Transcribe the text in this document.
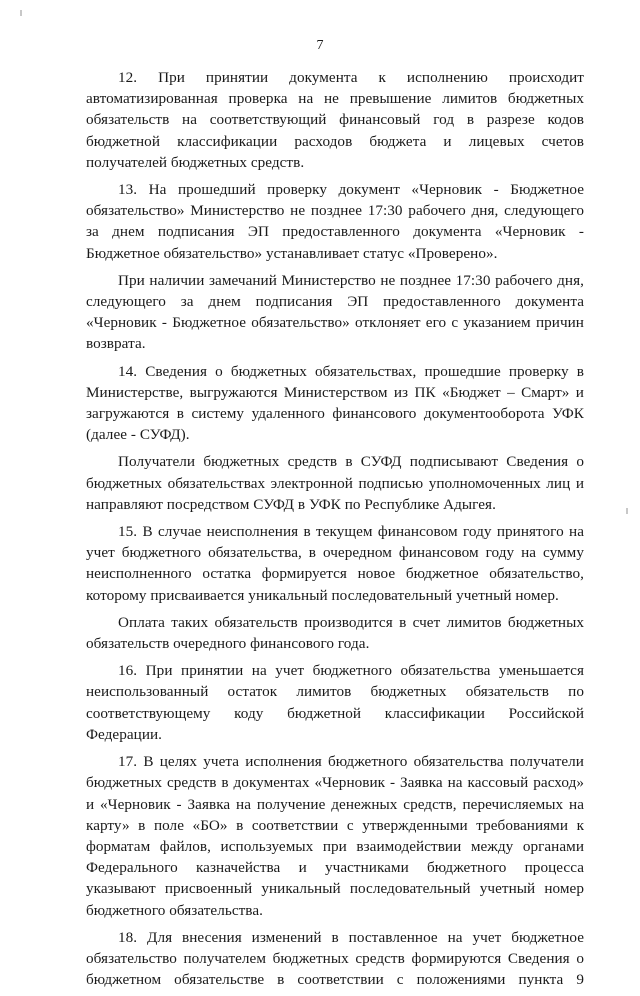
7

12. При принятии документа к исполнению происходит автоматизированная проверка на не превышение лимитов бюджетных обязательств на соответствующий финансовый год в разрезе кодов бюджетной классификации расходов бюджета и лицевых счетов получателей бюджетных средств.

13. На прошедший проверку документ «Черновик - Бюджетное обязательство» Министерство не позднее 17:30 рабочего дня, следующего за днем подписания ЭП предоставленного документа «Черновик - Бюджетное обязательство» устанавливает статус «Проверено».

При наличии замечаний Министерство не позднее 17:30 рабочего дня, следующего за днем подписания ЭП предоставленного документа «Черновик - Бюджетное обязательство» отклоняет его с указанием причин возврата.

14. Сведения о бюджетных обязательствах, прошедшие проверку в Министерстве, выгружаются Министерством из ПК «Бюджет – Смарт» и загружаются в систему удаленного финансового документооборота УФК (далее - СУФД).

Получатели бюджетных средств в СУФД подписывают Сведения о бюджетных обязательствах электронной подписью уполномоченных лиц и направляют посредством СУФД в УФК по Республике Адыгея.

15. В случае неисполнения в текущем финансовом году принятого на учет бюджетного обязательства, в очередном финансовом году на сумму неисполненного остатка формируется новое бюджетное обязательство, которому присваивается уникальный последовательный учетный номер.

Оплата таких обязательств производится в счет лимитов бюджетных обязательств очередного финансового года.

16. При принятии на учет бюджетного обязательства уменьшается неиспользованный остаток лимитов бюджетных обязательств по соответствующему коду бюджетной классификации Российской Федерации.

17. В целях учета исполнения бюджетного обязательства получатели бюджетных средств в документах «Черновик - Заявка на кассовый расход» и «Черновик - Заявка на получение денежных средств, перечисляемых на карту» в поле «БО» в соответствии с утвержденными требованиями к форматам файлов, используемых при взаимодействии между органами Федерального казначейства и участниками бюджетного процесса указывают присвоенный уникальный последовательный учетный номер бюджетного обязательства.

18. Для внесения изменений в поставленное на учет бюджетное обязательство получателем бюджетных средств формируются Сведения о бюджетном обязательстве в соответствии с положениями пункта 9
